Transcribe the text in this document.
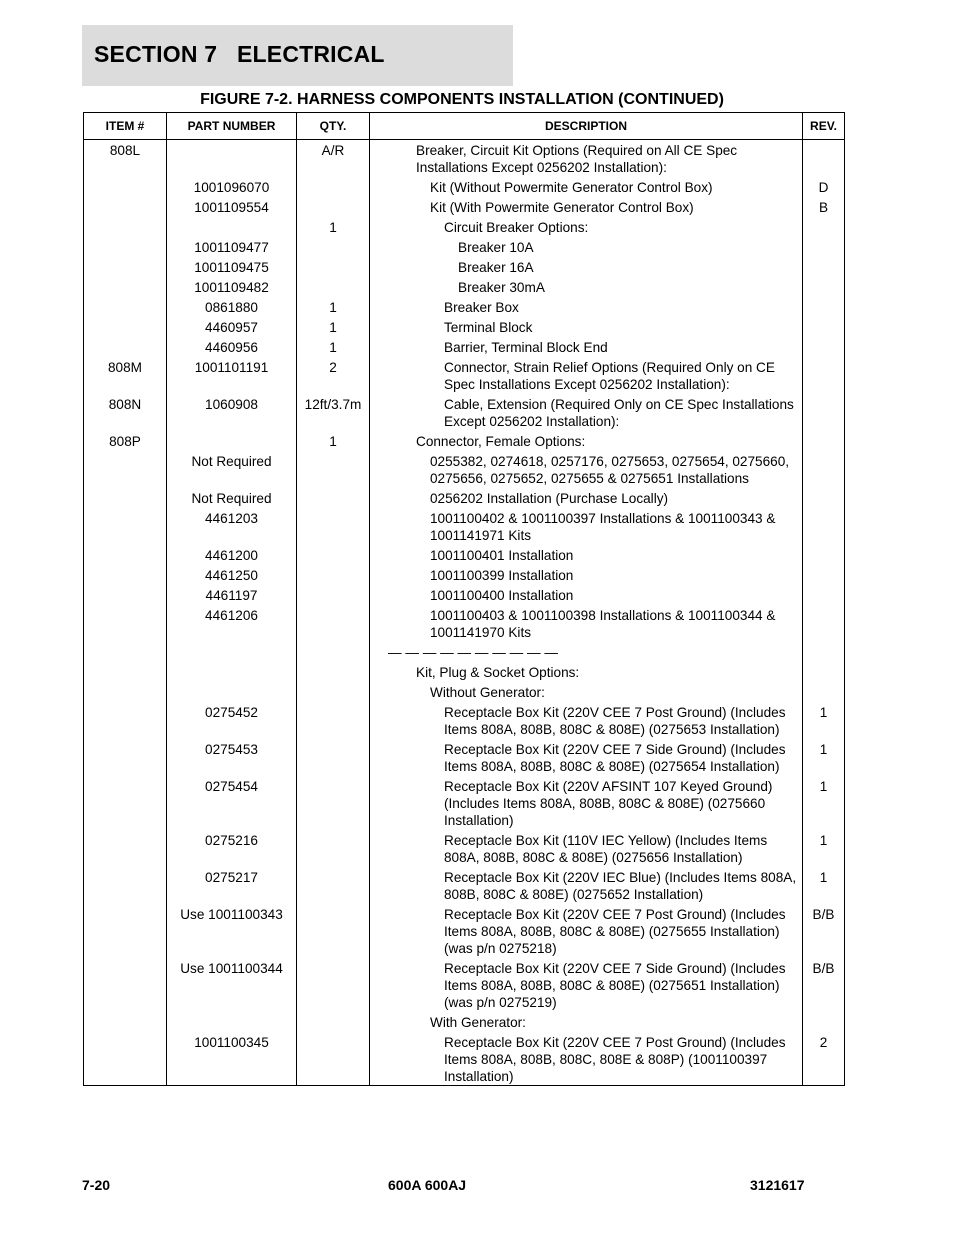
SECTION 7   ELECTRICAL
FIGURE 7-2. HARNESS COMPONENTS INSTALLATION (CONTINUED)
ITEM #	PART NUMBER	QTY.	DESCRIPTION	REV.
808L		A/R	Breaker, Circuit Kit Options (Required on All CE Spec Installations Except 0256202 Installation):	
	1001096070		Kit (Without Powermite Generator Control Box)	D
	1001109554		Kit (With Powermite Generator Control Box)	B
		1	Circuit Breaker Options:	
	1001109477		Breaker 10A	
	1001109475		Breaker 16A	
	1001109482		Breaker 30mA	
	0861880	1	Breaker Box	
	4460957	1	Terminal Block	
	4460956	1	Barrier, Terminal Block End	
808M	1001101191	2	Connector, Strain Relief Options (Required Only on CE Spec Installations Except 0256202 Installation):	
808N	1060908	12ft/3.7m	Cable, Extension (Required Only on CE Spec Installations Except 0256202 Installation):	
808P		1	Connector, Female Options:	
	Not Required		0255382, 0274618, 0257176, 0275653, 0275654, 0275660, 0275656, 0275652, 0275655 & 0275651 Installations	
	Not Required		0256202 Installation (Purchase Locally)	
	4461203		1001100402 & 1001100397 Installations & 1001100343 & 1001141971 Kits	
	4461200		1001100401 Installation	
	4461250		1001100399 Installation	
	4461197		1001100400 Installation	
	4461206		1001100403 & 1001100398 Installations & 1001100344 & 1001141970 Kits	
			— — — — — — — — — —	
			Kit, Plug & Socket Options:	
			Without Generator:	
	0275452		Receptacle Box Kit (220V CEE 7 Post Ground) (Includes Items 808A, 808B, 808C & 808E) (0275653 Installation)	1
	0275453		Receptacle Box Kit (220V CEE 7 Side Ground) (Includes Items 808A, 808B, 808C & 808E) (0275654 Installation)	1
	0275454		Receptacle Box Kit (220V AFSINT 107 Keyed Ground) (Includes Items 808A, 808B, 808C & 808E) (0275660 Installation)	1
	0275216		Receptacle Box Kit (110V IEC Yellow) (Includes Items 808A, 808B, 808C & 808E) (0275656 Installation)	1
	0275217		Receptacle Box Kit (220V IEC Blue) (Includes Items 808A, 808B, 808C & 808E) (0275652 Installation)	1
	Use 1001100343		Receptacle Box Kit (220V CEE 7 Post Ground) (Includes Items 808A, 808B, 808C & 808E) (0275655 Installation) (was p/n 0275218)	B/B
	Use 1001100344		Receptacle Box Kit (220V CEE 7 Side Ground) (Includes Items 808A, 808B, 808C & 808E) (0275651 Installation) (was p/n 0275219)	B/B
			With Generator:	
	1001100345		Receptacle Box Kit (220V CEE 7 Post Ground) (Includes Items 808A, 808B, 808C, 808E & 808P) (1001100397 Installation)	2
7-20	600A 600AJ	3121617
